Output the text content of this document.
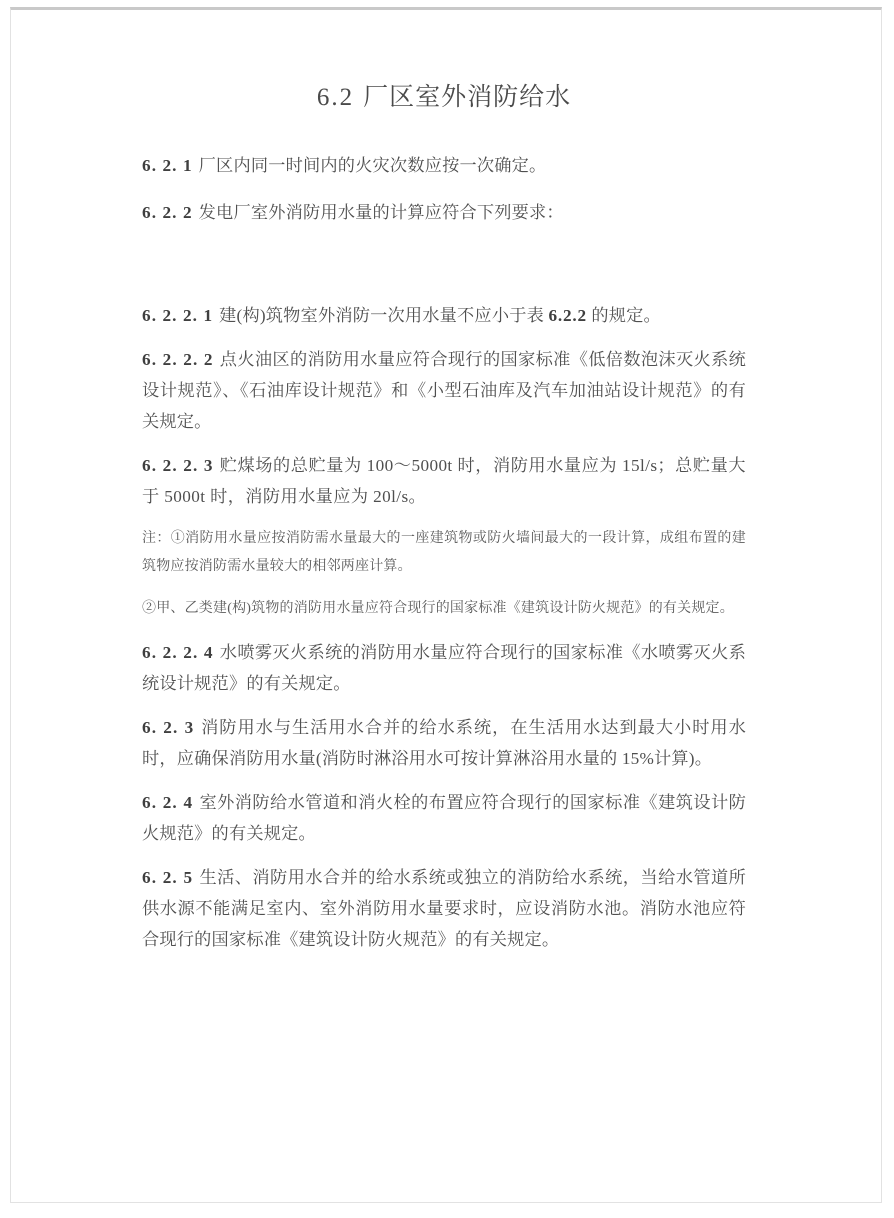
6.2 厂区室外消防给水

6. 2. 1 厂区内同一时间内的火灾次数应按一次确定。

6. 2. 2 发电厂室外消防用水量的计算应符合下列要求：

6. 2. 2. 1 建(构)筑物室外消防一次用水量不应小于表 6.2.2 的规定。

6. 2. 2. 2 点火油区的消防用水量应符合现行的国家标准《低倍数泡沫灭火系统设计规范》、《石油库设计规范》和《小型石油库及汽车加油站设计规范》的有关规定。

6. 2. 2. 3 贮煤场的总贮量为 100～5000t 时，消防用水量应为 15l/s；总贮量大于 5000t 时，消防用水量应为 20l/s。

注：①消防用水量应按消防需水量最大的一座建筑物或防火墙间最大的一段计算，成组布置的建筑物应按消防需水量较大的相邻两座计算。

②甲、乙类建(构)筑物的消防用水量应符合现行的国家标准《建筑设计防火规范》的有关规定。

6. 2. 2. 4 水喷雾灭火系统的消防用水量应符合现行的国家标准《水喷雾灭火系统设计规范》的有关规定。

6. 2. 3 消防用水与生活用水合并的给水系统，在生活用水达到最大小时用水时，应确保消防用水量(消防时淋浴用水可按计算淋浴用水量的 15%计算)。

6. 2. 4 室外消防给水管道和消火栓的布置应符合现行的国家标准《建筑设计防火规范》的有关规定。

6. 2. 5 生活、消防用水合并的给水系统或独立的消防给水系统，当给水管道所供水源不能满足室内、室外消防用水量要求时，应设消防水池。消防水池应符合现行的国家标准《建筑设计防火规范》的有关规定。
